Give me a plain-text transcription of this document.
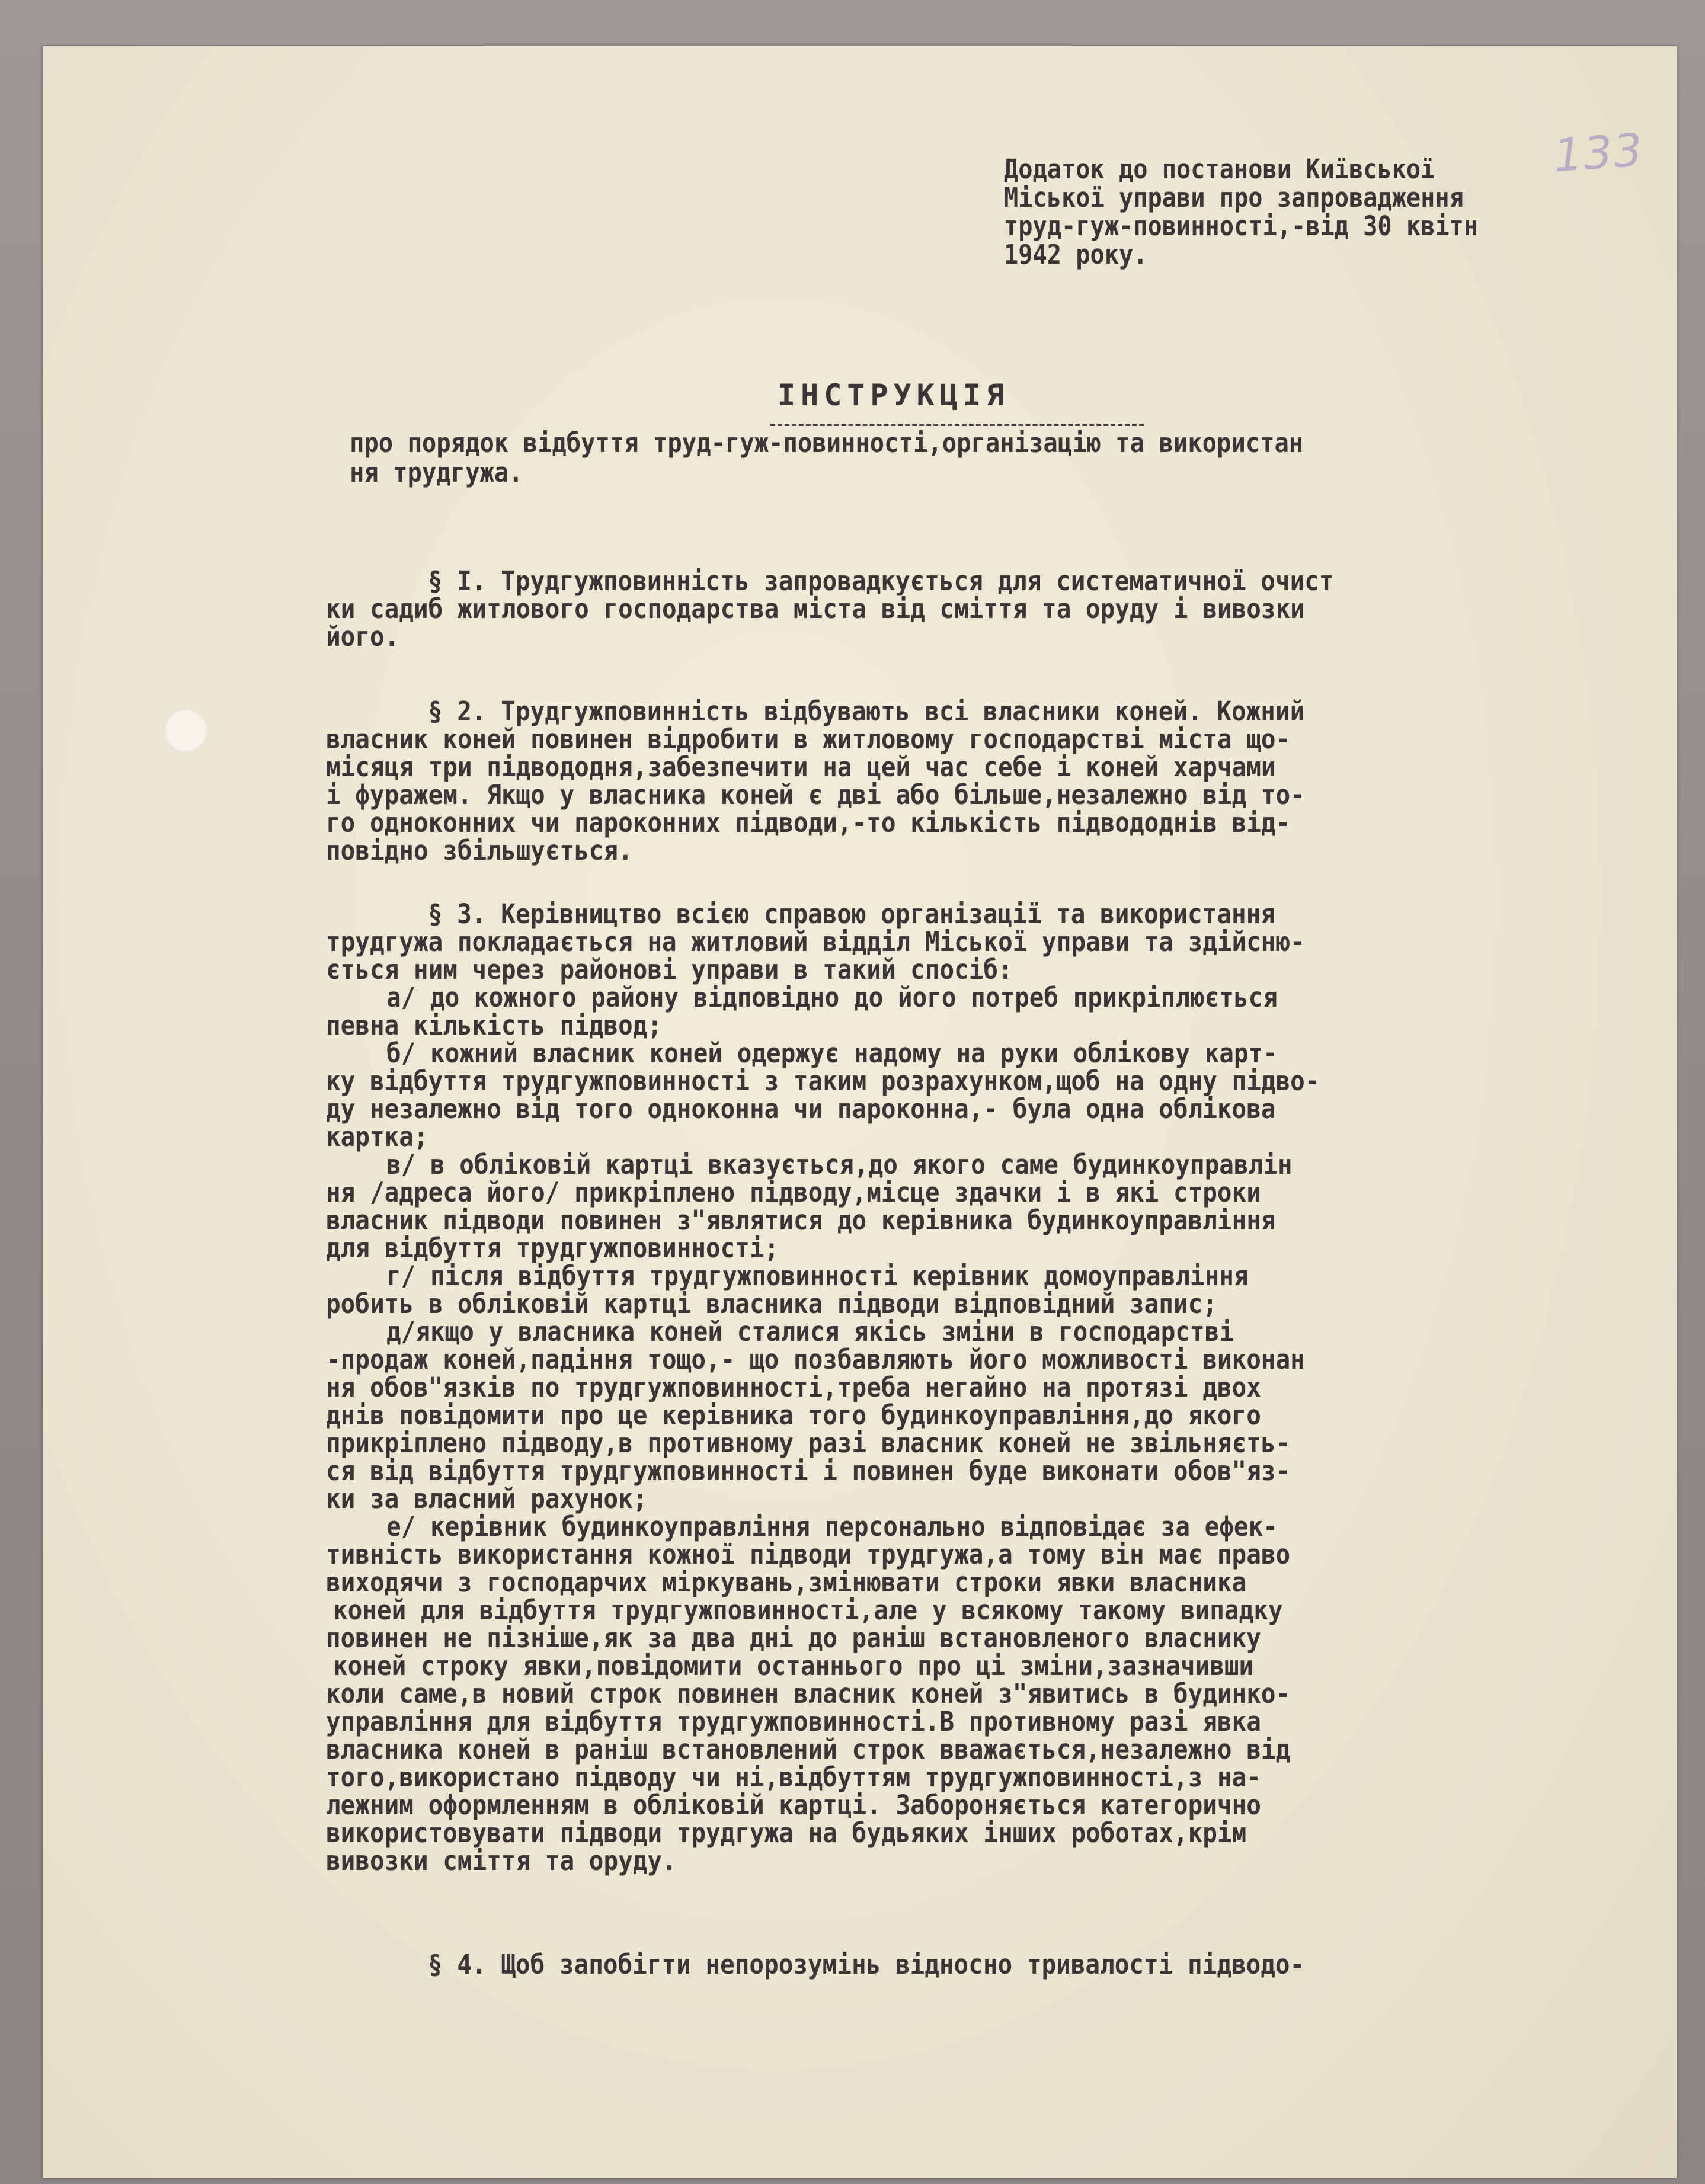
133
Додаток до постанови Київської
Міської управи про запровадження
труд-гуж-повинності,-від 30 квітн
1942 року.
ІНСТРУКЦІЯ
про порядок відбуття труд-гуж-повинності,організацію та використан
ня трудгужа.
§ I. Трудгужповинність запровадкується для систематичної очист
ки садиб житлового господарства міста від сміття та оруду і вивозки
його.
§ 2. Трудгужповинність відбувають всі власники коней. Кожний
власник коней повинен відробити в житловому господарстві міста що-
місяця три підвододня,забезпечити на цей час себе і коней харчами
і фуражем. Якщо у власника коней є дві або більше,незалежно від то-
го одноконних чи пароконних підводи,-то кількість підвододнів від-
повідно збільшується.
§ 3. Керівництво всією справою організації та використання
трудгужа покладається на житловий відділ Міської управи та здійсню-
ється ним через районові управи в такий спосіб:
а/ до кожного району відповідно до його потреб прикріплюється
певна кількість підвод;
б/ кожний власник коней одержує надому на руки облікову карт-
ку відбуття трудгужповинності з таким розрахунком,щоб на одну підво-
ду незалежно від того одноконна чи пароконна,- була одна облікова
картка;
в/ в обліковій картці вказується,до якого саме будинкоуправлін
ня /адреса його/ прикріплено підводу,місце здачки і в які строки
власник підводи повинен з"являтися до керівника будинкоуправління
для відбуття трудгужповинності;
г/ після відбуття трудгужповинності керівник домоуправління
робить в обліковій картці власника підводи відповідний запис;
д/якщо у власника коней сталися якісь зміни в господарстві
-продаж коней,падіння тощо,- що позбавляють його можливості виконан
ня обов"язків по трудгужповинності,треба негайно на протязі двох
днів повідомити про це керівника того будинкоуправління,до якого
прикріплено підводу,в противному разі власник коней не звільняєть-
ся від відбуття трудгужповинності і повинен буде виконати обов"яз-
ки за власний рахунок;
е/ керівник будинкоуправління персонально відповідає за ефек-
тивність використання кожної підводи трудгужа,а тому він має право
виходячи з господарчих міркувань,змінювати строки явки власника
коней для відбуття трудгужповинності,але у всякому такому випадку
повинен не пізніше,як за два дні до раніш встановленого власнику
коней строку явки,повідомити останнього про ці зміни,зазначивши
коли саме,в новий строк повинен власник коней з"явитись в будинко-
управління для відбуття трудгужповинності.В противному разі явка
власника коней в раніш встановлений строк вважається,незалежно від
того,використано підводу чи ні,відбуттям трудгужповинності,з на-
лежним оформленням в обліковій картці. Забороняється категорично
використовувати підводи трудгужа на будьяких інших роботах,крім
вивозки сміття та оруду.
§ 4. Щоб запобігти непорозумінь відносно тривалості підводо-
